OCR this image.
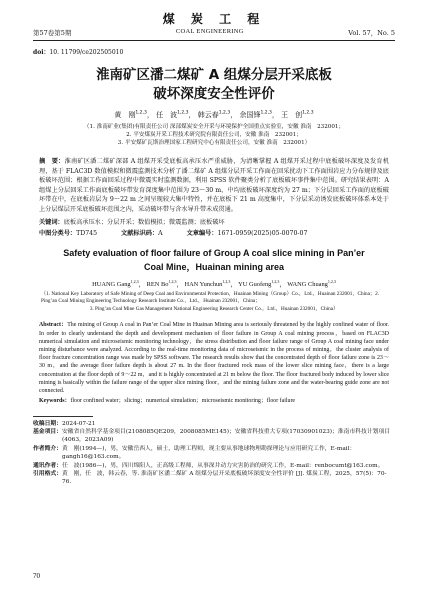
煤 炭 工 程
第57卷第5期	COAL ENGINEERING	Vol. 57，No. 5
doi：10. 11799/ce202505010
淮南矿区潘二煤矿 A 组煤分层开采底板
破坏深度安全性评价
黄　刚$^{1,2,3}$， 任　波$^{1,2,3}$， 韩云春$^{1,2,3}$， 余国锋$^{1,2,3}$， 王　创$^{1,2,3}$
（1. 淮南矿业(集团)有限责任公司 深部煤炭安全开采与环境保护全国重点实验室，安徽 淮南　232001；
2. 平安煤炭开采工程技术研究院有限责任公司，安徽 淮南　232001；
3. 平安煤矿瓦斯治理国家工程研究中心有限责任公司，安徽 淮南　232001）
摘　要：淮南矿区潘二煤矿深部 A 组煤开采受底板高承压水严重威胁，为清晰掌握 A 组煤开采过程中底板破坏深度及发育机理，基于 FLAC3D 数值模拟和微震监测技术分析了潘二煤矿 A 组煤分层开采工作面在回采扰动下工作面围岩应力分布规律及底板破坏范围；根据工作面回采过程中微震实时监测数据，利用 SPSS 软件聚类分析了底板破坏事件集中范围。研究结果表明：A 组煤上分层回采工作面底板破坏带发育深度集中范围为 23～30 m，中均底板破坏深度约为 27 m；下分层回采工作面的底板破坏带在中，在底板岩层为 9～22 m 之间呈现较大集中特性，并在底板下 21 m 高度集中，下分层采动诱发底板破坏体系本处于上分层煤层开采底板破坏范围之内，采动破坏带与含水导升带未成贯通。
关键词：底板高承压水；分层开采；数值模拟；微震监测；底板破坏
中图分类号：TD745	文献标识码：A	文章编号：1671-0959(2025)05-0070-07
Safety evaluation of floor failure of Group A coal slice mining in Pan’er
Coal Mine，Huainan mining area
HUANG Gang$^{1,2,3}$， REN Bo$^{1,2,3}$， HAN Yunchun$^{1,2,3}$， YU Guofeng$^{1,2,3}$， WANG Chuang$^{1,2,3}$
（1. National Key Laboratory of Safe Mining of Deep Coal and Environmental Protection，Huainan Mining（Group）Co.，Ltd.，Huainan 232001，China；2. Ping’an Coal Mining Engineering Technology Research Institute Co.，Ltd.，Huainan 232001，China；
3. Ping’an Coal Mine Gas Management National Engineering Research Center Co.，Ltd.，Huainan 232001，China）
Abstract：The mining of Group A coal in Pan’er Coal Mine in Huainan Mining area is seriously threatened by the highly confined water of floor. In order to clearly understand the depth and development mechanism of floor failure in Group A coal mining process，based on FLAC3D numerical simulation and microseismic monitoring technology，the stress distribution and floor failure range of Group A coal mining face under mining disturbance were analyzed. According to the real-time monitoring data of microseismic in the process of mining，the cluster analysis of floor fracture concentration range was made by SPSS software. The research results show that the concentrated depth of floor failure zone is 23～30 m，and the average floor failure depth is about 27 m. In the floor fractured rock mass of the lower slice mining face，there is a large concentration at the floor depth of 9～22 m，and it is highly concentrated at 21 m below the floor. The floor fractured body induced by lower slice mining is basically within the failure range of the upper slice mining floor，and the mining failure zone and the water-bearing guide zone are not connected.
Keywords：floor confined water；slicing；numerical simulation；microseismic monitoring；floor failure
收稿日期： 2024-07-21
基金项目： 安徽省自然科学基金项目(2108085QE209，2008085ME145)；安徽省科技重大专项(17030901023)；淮南市科技计划项目(4063，2023A09)
作者简介： 黄　刚(1994—)，男，安徽岳西人，硕士，助理工程师，现主要从事地球物理勘探理论与应用研究工作，E-mail：gangh16@163.com。
通讯作者： 任　波(1986—)，男，四川绵阳人，正高级工程师，从事深井动力灾害防治的研究工作，E-mail：renbocumt@163.com。
引用格式： 黄　刚，任　波，韩云春，等. 淮南矿区潘二煤矿 A 组煤分层开采底板破坏深度安全性评价 [J]. 煤炭工程，2025，57(5)：70-76.
70
